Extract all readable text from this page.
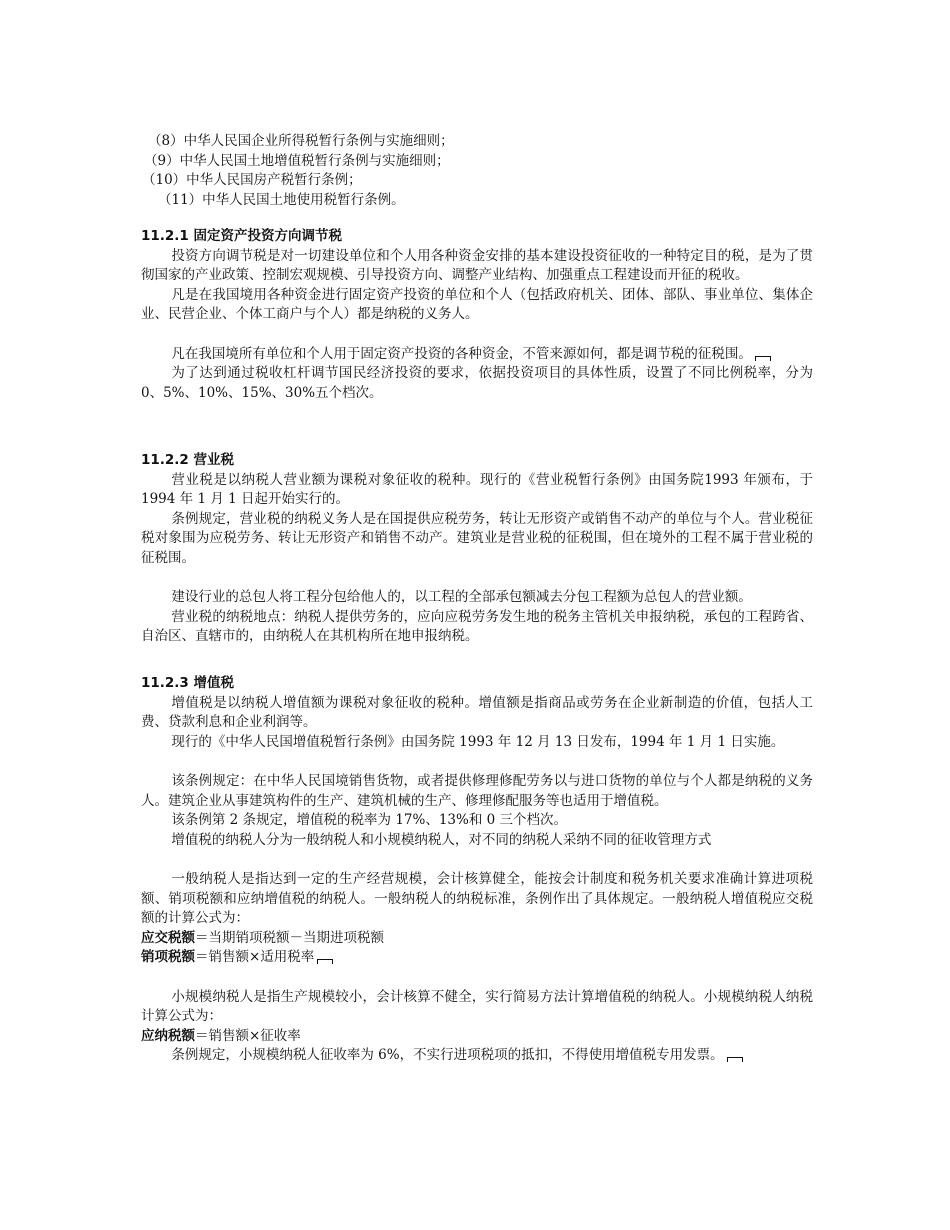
（8）中华人民国企业所得税暂行条例与实施细则；
（9）中华人民国土地增值税暂行条例与实施细则；
（10）中华人民国房产税暂行条例；
（11）中华人民国土地使用税暂行条例。
11.2.1 固定资产投资方向调节税
投资方向调节税是对一切建设单位和个人用各种资金安排的基本建设投资征收的一种特定目的税，是为了贯彻国家的产业政策、控制宏观规模、引导投资方向、调整产业结构、加强重点工程建设而开征的税收。
凡是在我国境用各种资金进行固定资产投资的单位和个人（包括政府机关、团体、部队、事业单位、集体企业、民营企业、个体工商户与个人）都是纳税的义务人。
凡在我国境所有单位和个人用于固定资产投资的各种资金，不管来源如何，都是调节税的征税围。
为了达到通过税收杠杆调节国民经济投资的要求，依据投资项目的具体性质，设置了不同比例税率，分为 0、5%、10%、15%、30%五个档次。
11.2.2 营业税
营业税是以纳税人营业额为课税对象征收的税种。现行的《营业税暂行条例》由国务院1993 年颁布，于 1994 年 1 月 1 日起开始实行的。
条例规定，营业税的纳税义务人是在国提供应税劳务，转让无形资产或销售不动产的单位与个人。营业税征税对象围为应税劳务、转让无形资产和销售不动产。建筑业是营业税的征税围，但在境外的工程不属于营业税的征税围。
建设行业的总包人将工程分包给他人的，以工程的全部承包额减去分包工程额为总包人的营业额。
营业税的纳税地点：纳税人提供劳务的，应向应税劳务发生地的税务主管机关申报纳税，承包的工程跨省、自治区、直辖市的，由纳税人在其机构所在地申报纳税。
11.2.3 增值税
增值税是以纳税人增值额为课税对象征收的税种。增值额是指商品或劳务在企业新制造的价值，包括人工费、贷款利息和企业利润等。
现行的《中华人民国增值税暂行条例》由国务院 1993 年 12 月 13 日发布，1994 年 1 月 1 日实施。
该条例规定：在中华人民国境销售货物，或者提供修理修配劳务以与进口货物的单位与个人都是纳税的义务人。建筑企业从事建筑构件的生产、建筑机械的生产、修理修配服务等也适用于增值税。
该条例第 2 条规定，增值税的税率为 17%、13%和 0 三个档次。
增值税的纳税人分为一般纳税人和小规模纳税人，对不同的纳税人采纳不同的征收管理方式
一般纳税人是指达到一定的生产经营规模，会计核算健全，能按会计制度和税务机关要求准确计算进项税额、销项税额和应纳增值税的纳税人。一般纳税人的纳税标准，条例作出了具体规定。一般纳税人增值税应交税额的计算公式为：
应交税额＝当期销项税额－当期进项税额
销项税额＝销售额×适用税率
小规模纳税人是指生产规模较小，会计核算不健全，实行简易方法计算增值税的纳税人。小规模纳税人纳税计算公式为：
应纳税额＝销售额×征收率
条例规定，小规模纳税人征收率为 6%，不实行进项税项的抵扣，不得使用增值税专用发票。
